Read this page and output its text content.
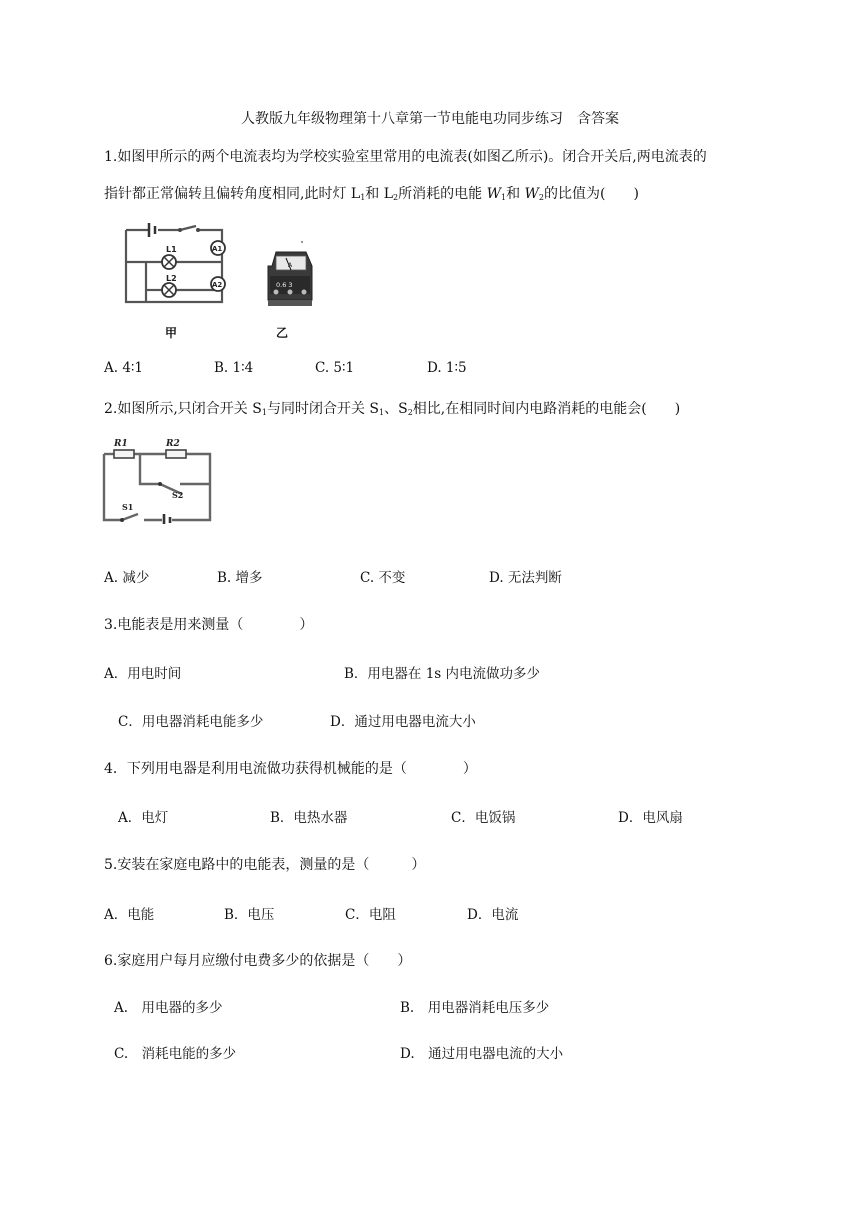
人教版九年级物理第十八章第一节电能电功同步练习　含答案
1.如图甲所示的两个电流表均为学校实验室里常用的电流表(如图乙所示)。闭合开关后,两电流表的
指针都正常偏转且偏转角度相同,此时灯 $L_1$和 $L_2$所消耗的电能 $W_1$和 $W_2$的比值为(　　)
L1
L2
A1
A2
甲
A
0.6 3
乙
A. 4∶1	B. 1∶4	C. 5∶1	D. 1∶5
2.如图所示,只闭合开关 $S_1$与同时闭合开关 $S_1$、$S_2$相比,在相同时间内电路消耗的电能会(　　)
R1	R2
S1
S2
A. 减少	B. 增多	C. 不变	D. 无法判断
3.电能表是用来测量（　　　　）
A．用电时间	B．用电器在 1s 内电流做功多少
C．用电器消耗电能多少	D．通过用电器电流大小
4．下列用电器是利用电流做功获得机械能的是（　　　　）
A．电灯	B．电热水器	C．电饭锅	D．电风扇
5.安装在家庭电路中的电能表，测量的是（　　　）
A．电能	B．电压	C．电阻	D．电流
6.家庭用户每月应缴付电费多少的依据是（　　）
A.　用电器的多少	B.　用电器消耗电压多少
C.　消耗电能的多少	D.　通过用电器电流的大小
